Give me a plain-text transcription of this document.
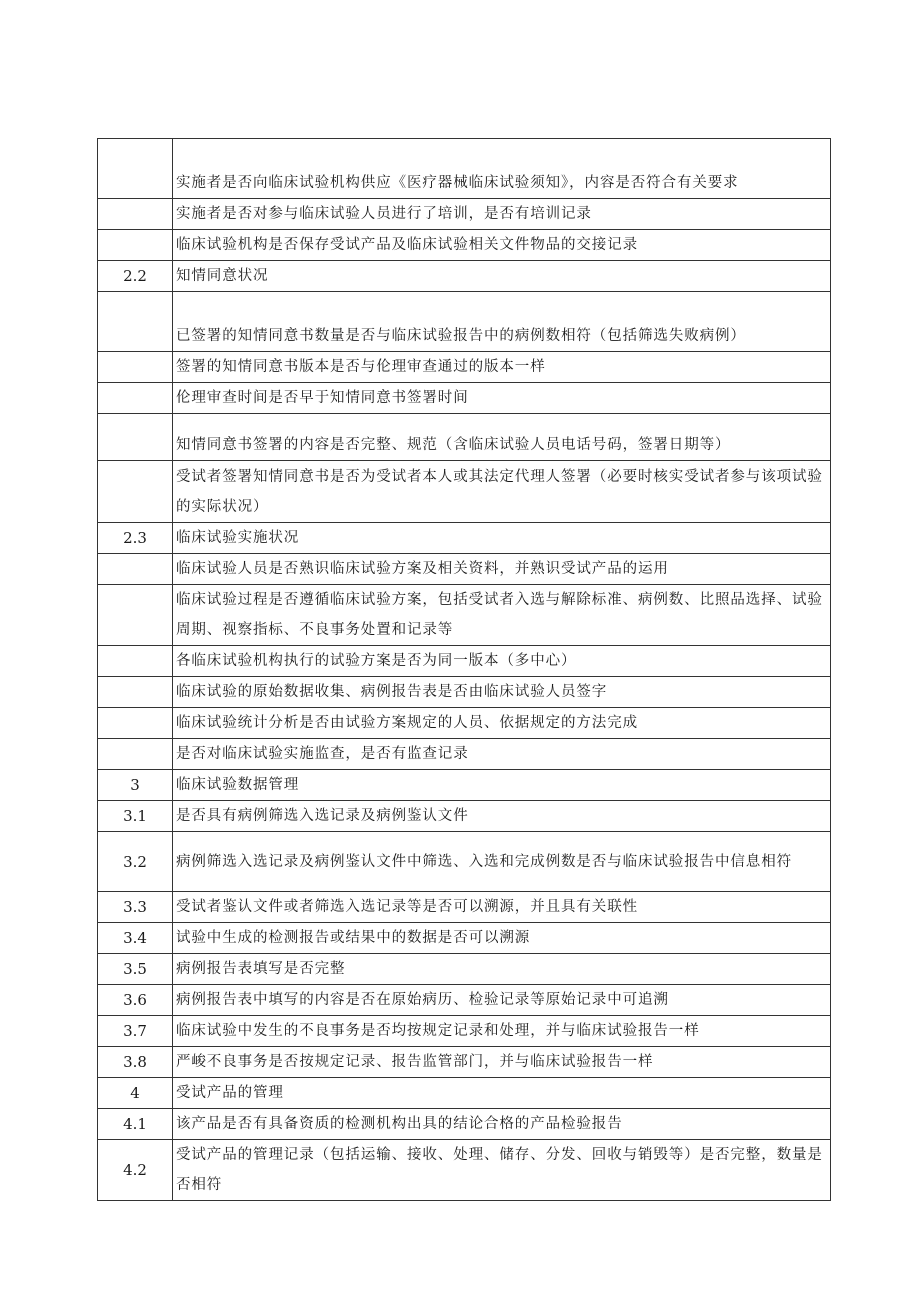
	实施者是否向临床试验机构供应《医疗器械临床试验须知》，内容是否符合有关要求
	实施者是否对参与临床试验人员进行了培训，是否有培训记录
	临床试验机构是否保存受试产品及临床试验相关文件物品的交接记录
2.2	知情同意状况
	已签署的知情同意书数量是否与临床试验报告中的病例数相符（包括筛选失败病例）
	签署的知情同意书版本是否与伦理审查通过的版本一样
	伦理审查时间是否早于知情同意书签署时间
	知情同意书签署的内容是否完整、规范（含临床试验人员电话号码，签署日期等）
	受试者签署知情同意书是否为受试者本人或其法定代理人签署（必要时核实受试者参与该项试验的实际状况）
2.3	临床试验实施状况
	临床试验人员是否熟识临床试验方案及相关资料，并熟识受试产品的运用
	临床试验过程是否遵循临床试验方案，包括受试者入选与解除标准、病例数、比照品选择、试验周期、视察指标、不良事务处置和记录等
	各临床试验机构执行的试验方案是否为同一版本（多中心）
	临床试验的原始数据收集、病例报告表是否由临床试验人员签字
	临床试验统计分析是否由试验方案规定的人员、依据规定的方法完成
	是否对临床试验实施监查，是否有监查记录
3	临床试验数据管理
3.1	是否具有病例筛选入选记录及病例鉴认文件
3.2	病例筛选入选记录及病例鉴认文件中筛选、入选和完成例数是否与临床试验报告中信息相符
3.3	受试者鉴认文件或者筛选入选记录等是否可以溯源，并且具有关联性
3.4	试验中生成的检测报告或结果中的数据是否可以溯源
3.5	病例报告表填写是否完整
3.6	病例报告表中填写的内容是否在原始病历、检验记录等原始记录中可追溯
3.7	临床试验中发生的不良事务是否均按规定记录和处理，并与临床试验报告一样
3.8	严峻不良事务是否按规定记录、报告监管部门，并与临床试验报告一样
4	受试产品的管理
4.1	该产品是否有具备资质的检测机构出具的结论合格的产品检验报告
4.2	受试产品的管理记录（包括运输、接收、处理、储存、分发、回收与销毁等）是否完整，数量是否相符
